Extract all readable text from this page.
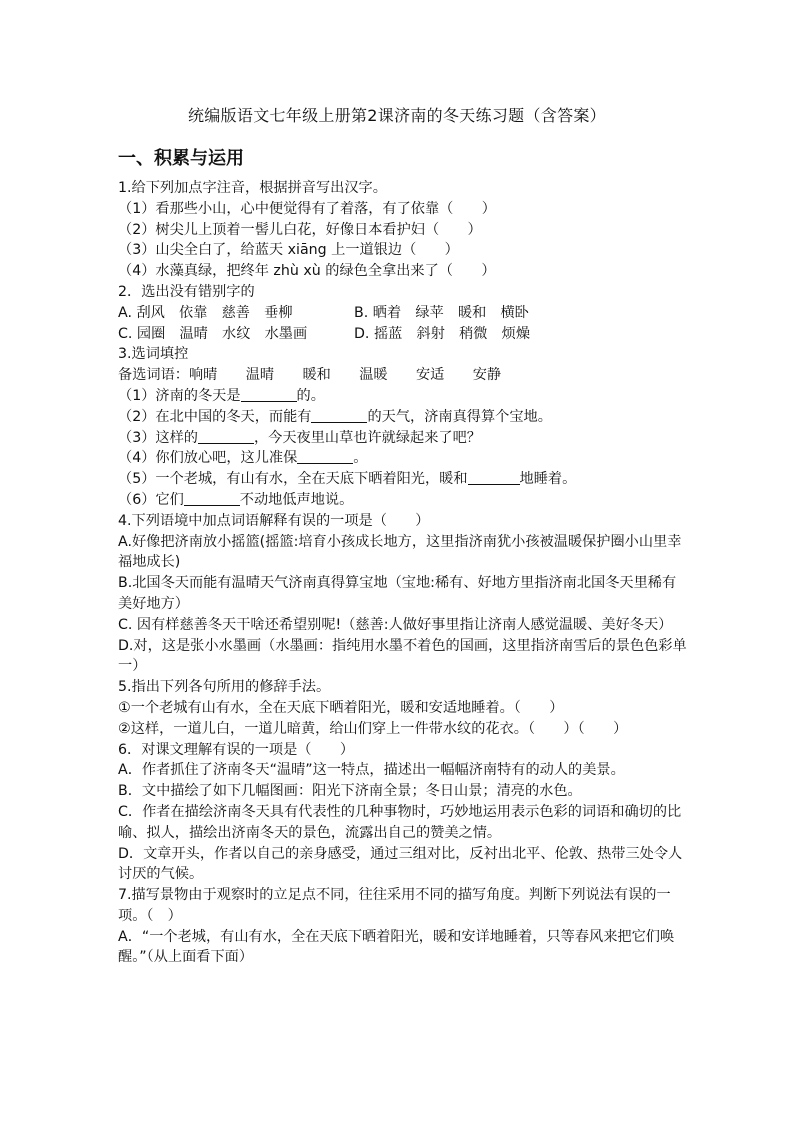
统编版语文七年级上册第2课济南的冬天练习题（含答案）
一、积累与运用
1.给下列加点字注音，根据拼音写出汉字。
（1）看那些小山，心中便觉得有了着落，有了依靠（　　）
（2）树尖儿上顶着一髻儿白花，好像日本看护妇（　　）
（3）山尖全白了，给蓝天 xiāng 上一道银边（　　）
（4）水藻真绿，把终年 zhù xù 的绿色全拿出来了（　　）
2．选出没有错别字的
A. 刮风　依靠　慈善　垂柳	B. 晒着　绿苹　暖和　横卧
C. 园圈　温晴　水纹　水墨画	D. 摇蓝　斜射　稍微　烦燥
3.选词填控
备选词语：响晴　　温晴　　暖和　　温暖　　安适　　安静
（1）济南的冬天是	的。
（2）在北中国的冬天，而能有	的天气，济南真得算个宝地。
（3）这样的	，今天夜里山草也许就绿起来了吧？
（4）你们放心吧，这儿准保	。
（5）一个老城，有山有水，全在天底下晒着阳光，暖和	地睡着。
（6）它们	不动地低声地说。
4.下列语境中加点词语解释有误的一项是（　　）
A.好像把济南放小摇篮(摇篮:培育小孩成长地方，这里指济南犹小孩被温暖保护圈小山里幸福地成长)
B.北国冬天而能有温晴天气济南真得算宝地（宝地:稀有、好地方里指济南北国冬天里稀有美好地方）
C. 因有样慈善冬天干啥还希望别呢!（慈善:人做好事里指让济南人感觉温暖、美好冬天）
D.对，这是张小水墨画（水墨画：指纯用水墨不着色的国画，这里指济南雪后的景色色彩单一）
5.指出下列各句所用的修辞手法。
①一个老城有山有水，全在天底下晒着阳光，暖和安适地睡着。（　　）
②这样，一道儿白，一道儿暗黄，给山们穿上一件带水纹的花衣。（　　）（　　）
6．对课文理解有误的一项是（　　）
A．作者抓住了济南冬天“温晴”这一特点，描述出一幅幅济南特有的动人的美景。
B．文中描绘了如下几幅图画：阳光下济南全景；冬日山景；清亮的水色。
C．作者在描绘济南冬天具有代表性的几种事物时，巧妙地运用表示色彩的词语和确切的比喻、拟人，描绘出济南冬天的景色，流露出自己的赞美之情。
D．文章开头，作者以自己的亲身感受，通过三组对比，反衬出北平、伦敦、热带三处令人讨厌的气候。
7.描写景物由于观察时的立足点不同，往往采用不同的描写角度。判断下列说法有误的一项。（　）
A．“一个老城，有山有水，全在天底下晒着阳光，暖和安详地睡着，只等春风来把它们唤醒。”（从上面看下面）
